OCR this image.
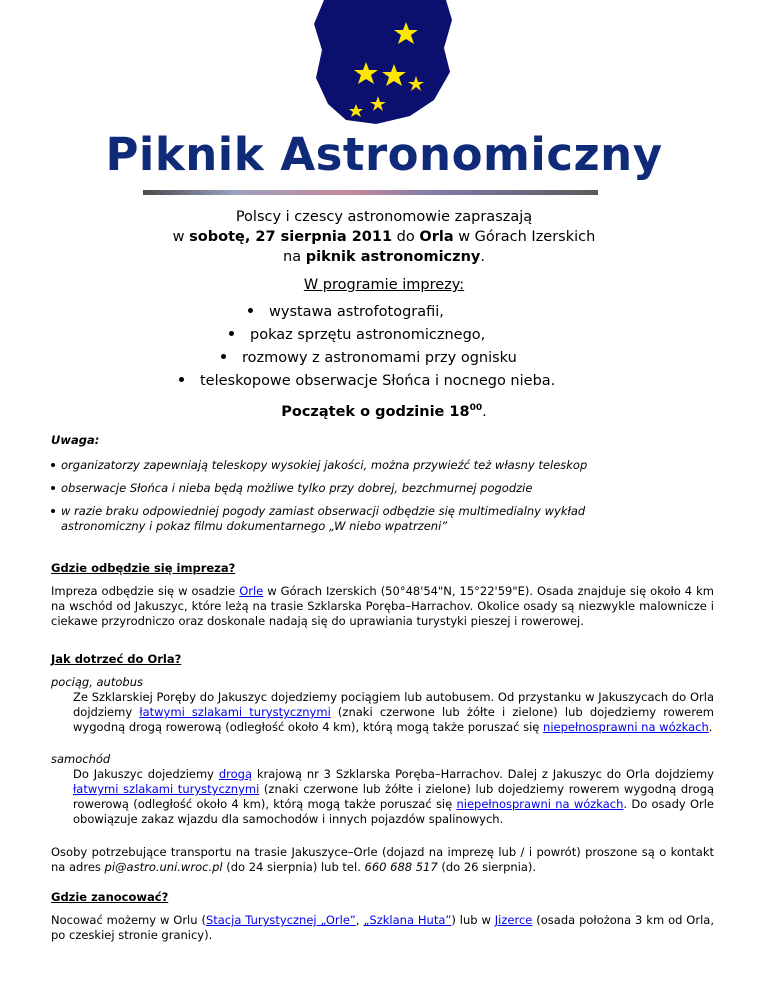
Piknik Astronomiczny
Polscy i czescy astronomowie zapraszają
w sobotę, 27 sierpnia 2011 do Orla w Górach Izerskich
na piknik astronomiczny.
W programie imprezy:
wystawa astrofotografii,
pokaz sprzętu astronomicznego,
rozmowy z astronomami przy ognisku
teleskopowe obserwacje Słońca i nocnego nieba.
Początek o godzinie $18^{00}$.
Uwaga:
organizatorzy zapewniają teleskopy wysokiej jakości, można przywieźć też własny teleskop
obserwacje Słońca i nieba będą możliwe tylko przy dobrej, bezchmurnej pogodzie
w razie braku odpowiedniej pogody zamiast obserwacji odbędzie się multimedialny wykład
astronomiczny i pokaz filmu dokumentarnego „W niebo wpatrzeni”
Gdzie odbędzie się impreza?
Impreza odbędzie się w osadzie Orle w Górach Izerskich (50°48'54"N, 15°22'59"E). Osada znajduje się około 4 km na wschód od Jakuszyc, które leżą na trasie Szklarska Poręba–Harrachov. Okolice osady są niezwykle malownicze i ciekawe przyrodniczo oraz doskonale nadają się do uprawiania turystyki pieszej i rowerowej.
Jak dotrzeć do Orla?
pociąg, autobus
Ze Szklarskiej Poręby do Jakuszyc dojedziemy pociągiem lub autobusem. Od przystanku w Jakuszycach do Orla dojdziemy łatwymi szlakami turystycznymi (znaki czerwone lub żółte i zielone) lub dojedziemy rowerem wygodną drogą rowerową (odległość około 4 km), którą mogą także poruszać się niepełnosprawni na wózkach.
samochód
Do Jakuszyc dojedziemy drogą krajową nr 3 Szklarska Poręba–Harrachov. Dalej z Jakuszyc do Orla dojdziemy łatwymi szlakami turystycznymi (znaki czerwone lub żółte i zielone) lub dojedziemy rowerem wygodną drogą rowerową (odległość około 4 km), którą mogą także poruszać się niepełnosprawni na wózkach. Do osady Orle obowiązuje zakaz wjazdu dla samochodów i innych pojazdów spalinowych.
Osoby potrzebujące transportu na trasie Jakuszyce–Orle (dojazd na imprezę lub / i powrót) proszone są o kontakt na adres pi@astro.uni.wroc.pl (do 24 sierpnia) lub tel. 660 688 517 (do 26 sierpnia).
Gdzie zanocować?
Nocować możemy w Orlu (Stacja Turystycznej „Orle”, „Szklana Huta”) lub w Jizerce (osada położona 3 km od Orla, po czeskiej stronie granicy).
